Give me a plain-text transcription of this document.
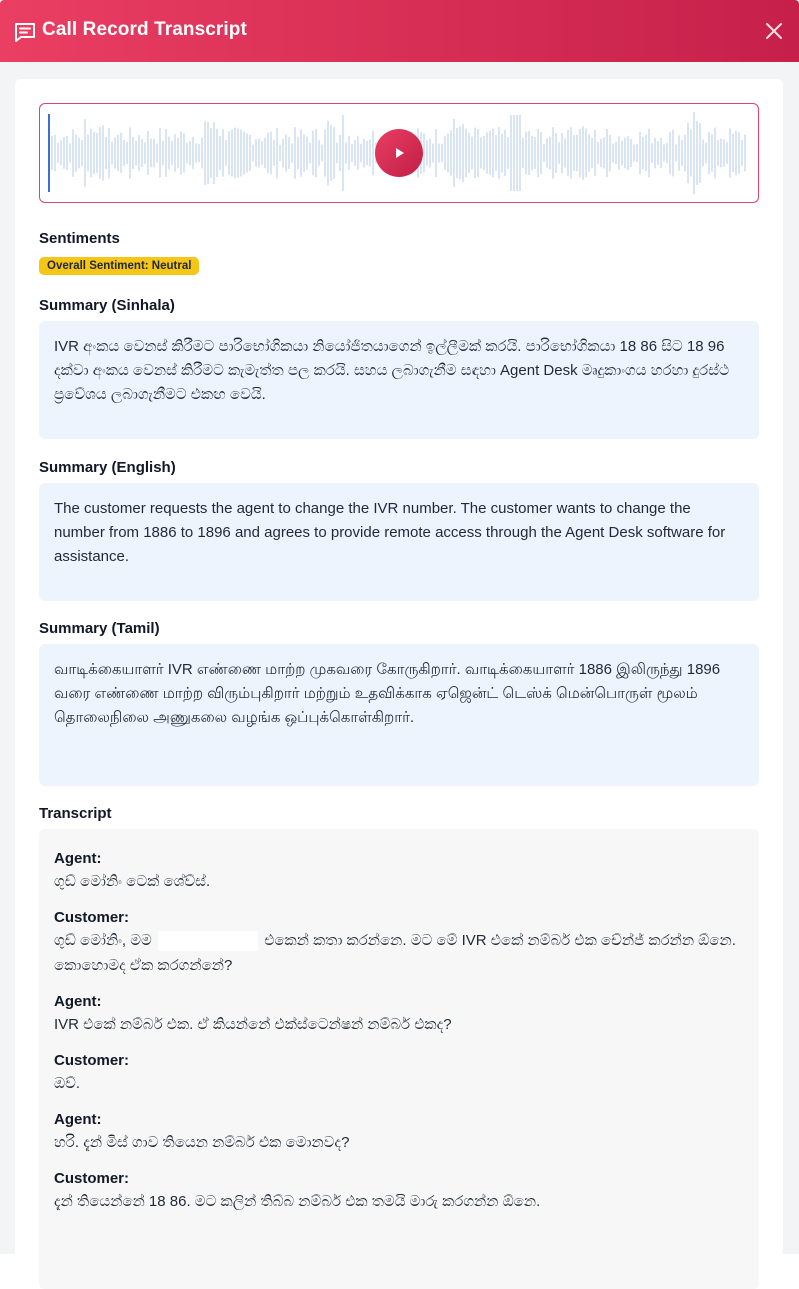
Call Record Transcript
Sentiments
Overall Sentiment: Neutral
Summary (Sinhala)
IVR අංකය වෙනස් කිරීමට පාරිභෝගිකයා නියෝජිතයාගෙන් ඉල්ලීමක් කරයි. පාරිභෝගිකයා 18 86 සිට 18 96 දක්වා අංකය වෙනස් කිරීමට කැමැත්ත පල කරයි. සහය ලබාගැනීම සඳහා Agent Desk මෘදුකාංගය හරහා දුරස්ථ ප්‍රවේශය ලබාගැනීමට එකඟ වෙයි.
Summary (English)
The customer requests the agent to change the IVR number. The customer wants to change the number from 1886 to 1896 and agrees to provide remote access through the Agent Desk software for assistance.
Summary (Tamil)
வாடிக்கையாளர் IVR எண்ணை மாற்ற முகவரை கோருகிறார். வாடிக்கையாளர் 1886 இலிருந்து 1896 வரை எண்ணை மாற்ற விரும்புகிறார் மற்றும் உதவிக்காக ஏஜென்ட் டெஸ்க் மென்பொருள் மூலம் தொலைநிலை அணுகலை வழங்க ஒப்புக்கொள்கிறார்.
Transcript
Agent:
ගුඩ් මෝනිං ටෙක් ශේව්ස්.
Customer:
ගුඩ් මෝනිං, මම	එකෙන් කතා කරන්නෙ. මට මේ IVR එකේ නම්බර් එක චේන්ජ් කරන්න ඕනෙ. කොහොමද ඒක කරගන්නේ?
Agent:
IVR එකේ නම්බර් එක. ඒ කියන්නේ එක්ස්ටෙන්ෂන් නම්බර් එකද?
Customer:
ඔව්.
Agent:
හරි. දැන් මිස් ගාව තියෙන නම්බර් එක මොනවද?
Customer:
දැන් තියෙන්නේ 18 86. මට කලින් තිබ්බ නම්බර් එක තමයි මාරු කරගන්න ඕනෙ.
